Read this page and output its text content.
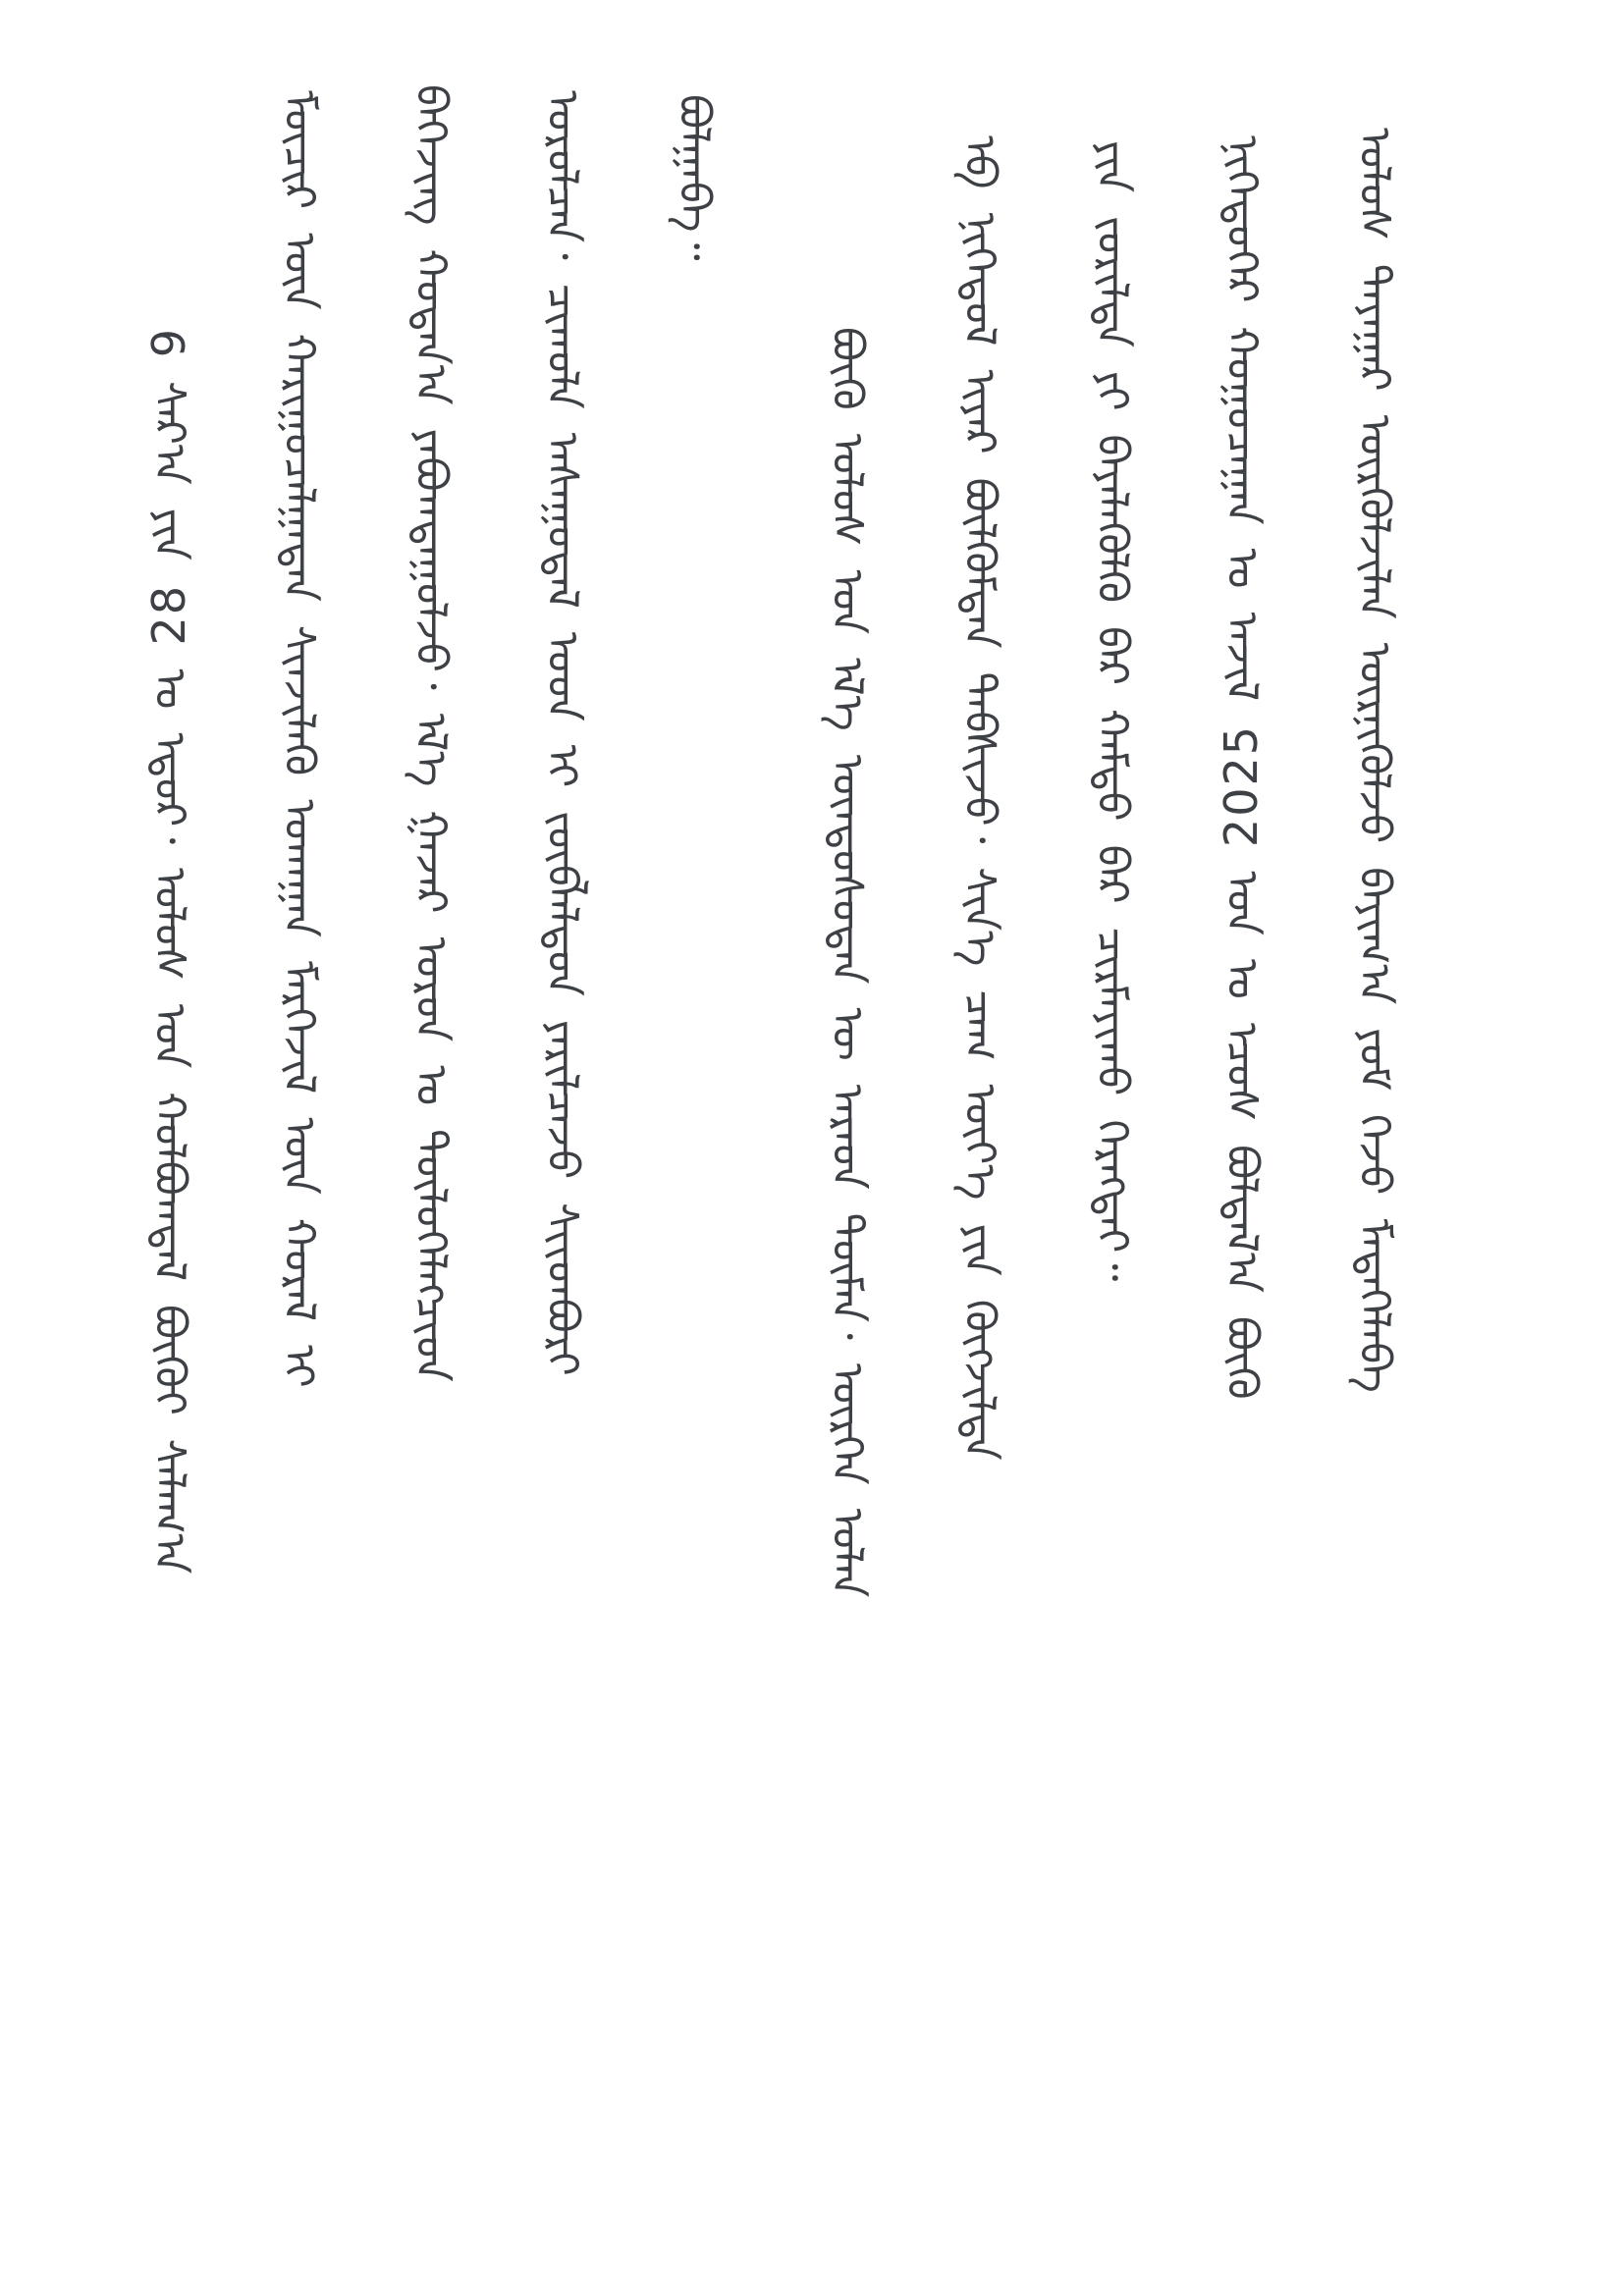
9 ᠰᠠᠷ᠎ᠠ ᠶᠢᠨ 28 ᠤ ᠡᠳᠦᠷ᠂ ᠤᠯᠤᠰ ᠤᠨ ᠬᠣᠯᠪᠣᠭᠳᠠᠯ ᠪᠦᠬᠦᠢ ᠰᠠᠯᠠᠭ᠎ᠠ	ᠮᠥᠴᠢᠷ ᠦᠨ ᠬᠠᠷᠢᠭᠤᠴᠠᠯᠭᠠᠲᠠᠨ ᠰᠢᠨᠵᠢᠯᠡᠬᠦ ᠤᠬᠠᠭᠠᠨ ᠮᠡᠷᠭᠡᠵᠢᠯ ᠦᠨ ᠬᠤᠷᠠᠯ ᠢ	ᠪᠡᠭᠡᠵᠢᠩ ᠬᠣᠲᠠᠨ᠎ᠠ ᠶᠠᠪᠤᠭᠳᠠᠭᠤᠯᠵᠤ᠂ ᠡᠯ᠎ᠡ ᠭᠠᠵᠠᠷ ᠣᠷᠣᠨ ᠤ ᠲᠥᠯᠥᠭᠡᠯᠡᠭᠴᠢᠳ	ᠣᠷᠣᠯᠴᠠᠨ᠂ ᠴᠢᠬᠤᠯᠠ ᠠᠰᠠᠭᠤᠳᠠᠯ ᠤᠳ ᠢ ᠵᠥᠪᠯᠡᠯᠳᠦᠨ ᠶᠠᠷᠢᠯᠴᠠᠵᠤ ᠰᠢᠢᠳᠪᠦᠷᠢ	ᠪᠣᠯᠭᠠᠪᠠ᠃
ᠪᠥᠬᠥ ᠤᠯᠤᠰ ᠤᠨ ᠡᠯ᠎ᠡ ᠦᠨᠳᠦᠰᠦᠲᠡᠨ ᠦ ᠠᠷᠠᠳ ᠲᠦᠮᠡᠨ᠂ ᠥᠷᠭᠡᠨ ᠣᠯᠠᠨ	ᠡᠪ ᠨᠢᠭᠡᠲᠦᠯ ᠢᠶᠡᠷ ᠪᠦᠯᠬᠦᠮᠳᠡᠨ ᠳᠠᠪᠰᠢᠵᠤ᠂ ᠰᠢᠨ᠎ᠡ ᠴᠠᠭ ᠦᠶ᠎ᠡ ᠶᠢᠨ ᠬᠥᠭᠵᠢᠯᠲᠡ	ᠶᠢᠨ ᠵᠣᠷᠢᠯᠲᠠ ᠶᠢ ᠪᠡᠶᠡᠯᠡᠭᠦᠯᠬᠦ ᠪᠡᠷ ᠬᠠᠮᠲᠤ ᠪᠠᠷ ᠴᠢᠷᠮᠠᠶᠢᠬᠤ ᠬᠡᠷᠡᠭᠲᠡᠢ᠃	ᠨᠢᠭᠡᠳᠦᠭᠡᠷ ᠬᠤᠭᠤᠴᠠᠭᠠᠨ ᠤ ᠠᠵᠢᠯ 2025 ᠣᠨ ᠤ ᠡᠴᠦᠰ ᠪᠣᠯᠲᠠᠯ᠎ᠠ ᠪᠦᠬᠦ	ᠤᠯᠤᠰ ᠳᠠᠶᠠᠭᠠᠷ ᠦᠷᠭᠦᠯᠵᠢᠯᠡᠨ ᠥᠷᠨᠢᠭᠦᠯᠵᠦ ᠪᠠᠶᠢᠭ᠎ᠠ ᠶᠤᠮ ᠭᠡᠵᠦ ᠮᠡᠳᠡᠭᠡᠯᠡᠪᠡ
